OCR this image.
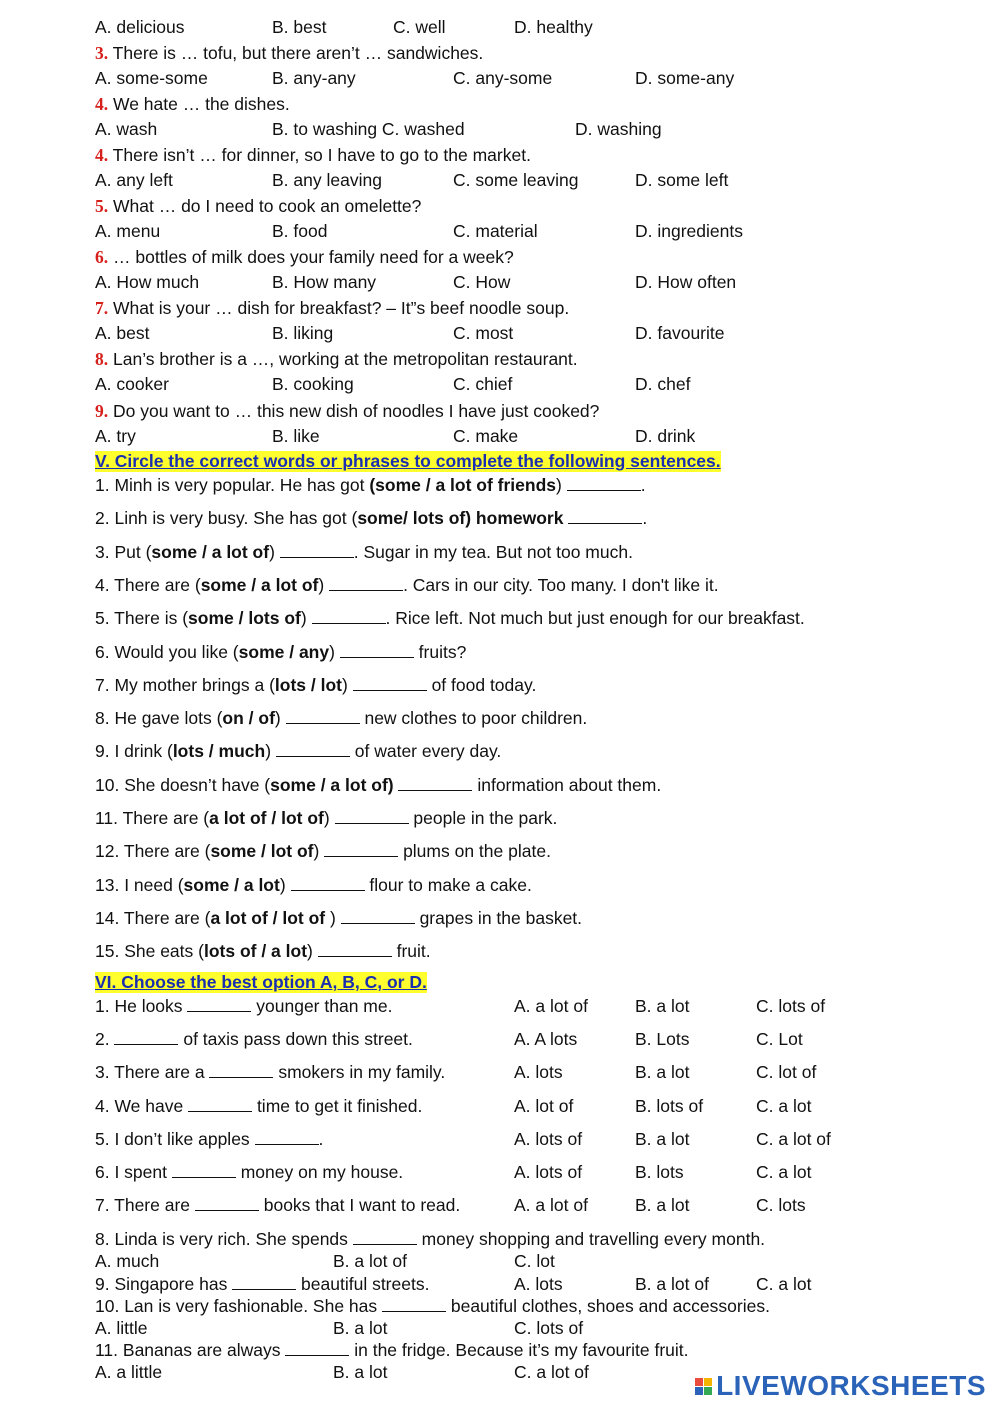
A. delicious	B. best	C. well	D. healthy
3. There is … tofu, but there aren’t … sandwiches.
A. some-some	B. any-any	C. any-some	D. some-any
4. We hate … the dishes.
A. wash	B. to washing C. washed	D. washing
4. There isn’t … for dinner, so I have to go to the market.
A. any left	B. any leaving	C. some leaving	D. some left
5. What … do I need to cook an omelette?
A. menu	B. food	C. material	D. ingredients
6. … bottles of milk does your family need for a week?
A. How much	B. How many	C. How	D. How often
7. What is your … dish for breakfast? – It”s beef noodle soup.
A. best	B. liking	C. most	D. favourite
8. Lan’s brother is a …, working at the metropolitan restaurant.
A. cooker	B. cooking	C. chief	D. chef
9. Do you want to … this new dish of noodles I have just cooked?
A. try	B. like	C. make	D. drink
V. Circle the correct words or phrases to complete the following sentences.
1. Minh is very popular. He has got (some / a lot of friends)	.
2. Linh is very busy. She has got (some/ lots of) homework	.
3. Put (some / a lot of)	. Sugar in my tea. But not too much.
4. There are (some / a lot of)	. Cars in our city. Too many. I don't like it.
5. There is (some / lots of)	. Rice left. Not much but just enough for our breakfast.
6. Would you like (some / any)	fruits?
7. My mother brings a (lots / lot)	of food today.
8. He gave lots (on / of)	new clothes to poor children.
9. I drink (lots / much)	of water every day.
10. She doesn’t have (some / a lot of)	information about them.
11. There are (a lot of / lot of)	people in the park.
12. There are (some / lot of)	plums on the plate.
13. I need (some / a lot)	flour to make a cake.
14. There are (a lot of / lot of )	grapes in the basket.
15. She eats (lots of / a lot)	fruit.
VI. Choose the best option A, B, C, or D.
1. He looks	younger than me.	A. a lot of	B. a lot	C. lots of
2.	of taxis pass down this street.	A. A lots	B. Lots	C. Lot
3. There are a	smokers in my family.	A. lots	B. a lot	C. lot of
4. We have	time to get it finished.	A. lot of	B. lots of	C. a lot
5. I don’t like apples	.	A. lots of	B. a lot	C. a lot of
6. I spent	money on my house.	A. lots of	B. lots	C. a lot
7. There are	books that I want to read.	A. a lot of	B. a lot	C. lots
8. Linda is very rich. She spends	money shopping and travelling every month.
A. much	B. a lot of	C. lot
9. Singapore has	beautiful streets.	A. lots	B. a lot of	C. a lot
10. Lan is very fashionable. She has	beautiful clothes, shoes and accessories.
A. little	B. a lot	C. lots of
11. Bananas are always	in the fridge. Because it’s my favourite fruit.
A. a little	B. a lot	C. a lot of	LIVEWORKSHEETS
